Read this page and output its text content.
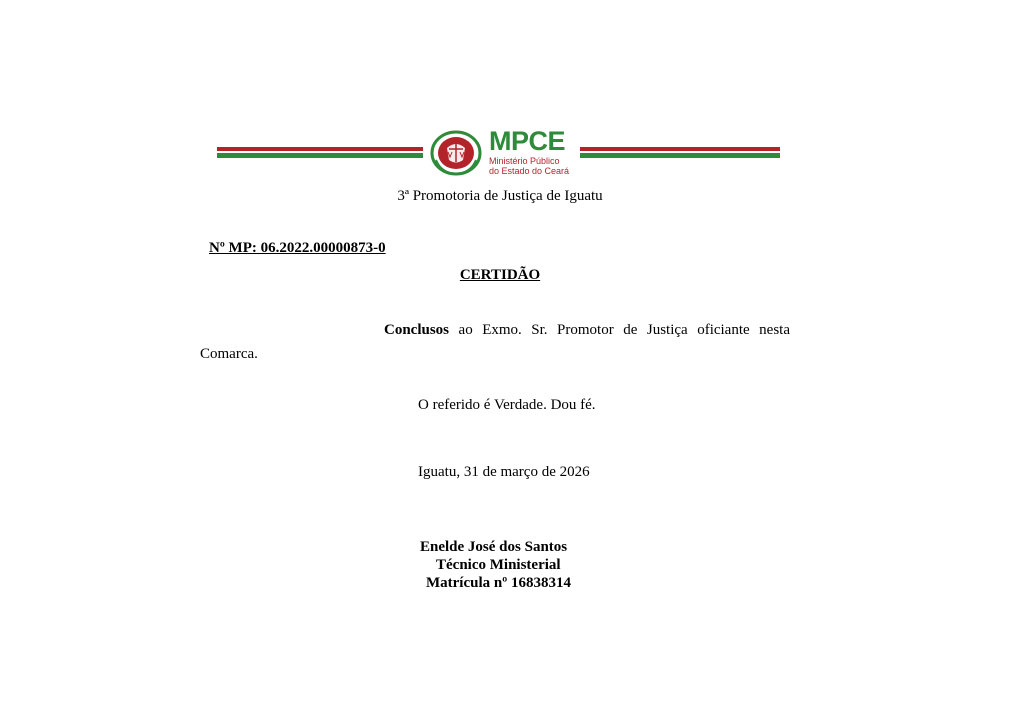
MPCE
Ministério Público
do Estado do Ceará
3ª Promotoria de Justiça de Iguatu
Nº MP: 06.2022.00000873-0
CERTIDÃO
Conclusos ao Exmo. Sr. Promotor de Justiça oficiante nesta
Comarca.
O referido é Verdade. Dou fé.
Iguatu, 31 de março de 2026
Enelde José dos Santos
Técnico Ministerial
Matrícula nº 16838314
